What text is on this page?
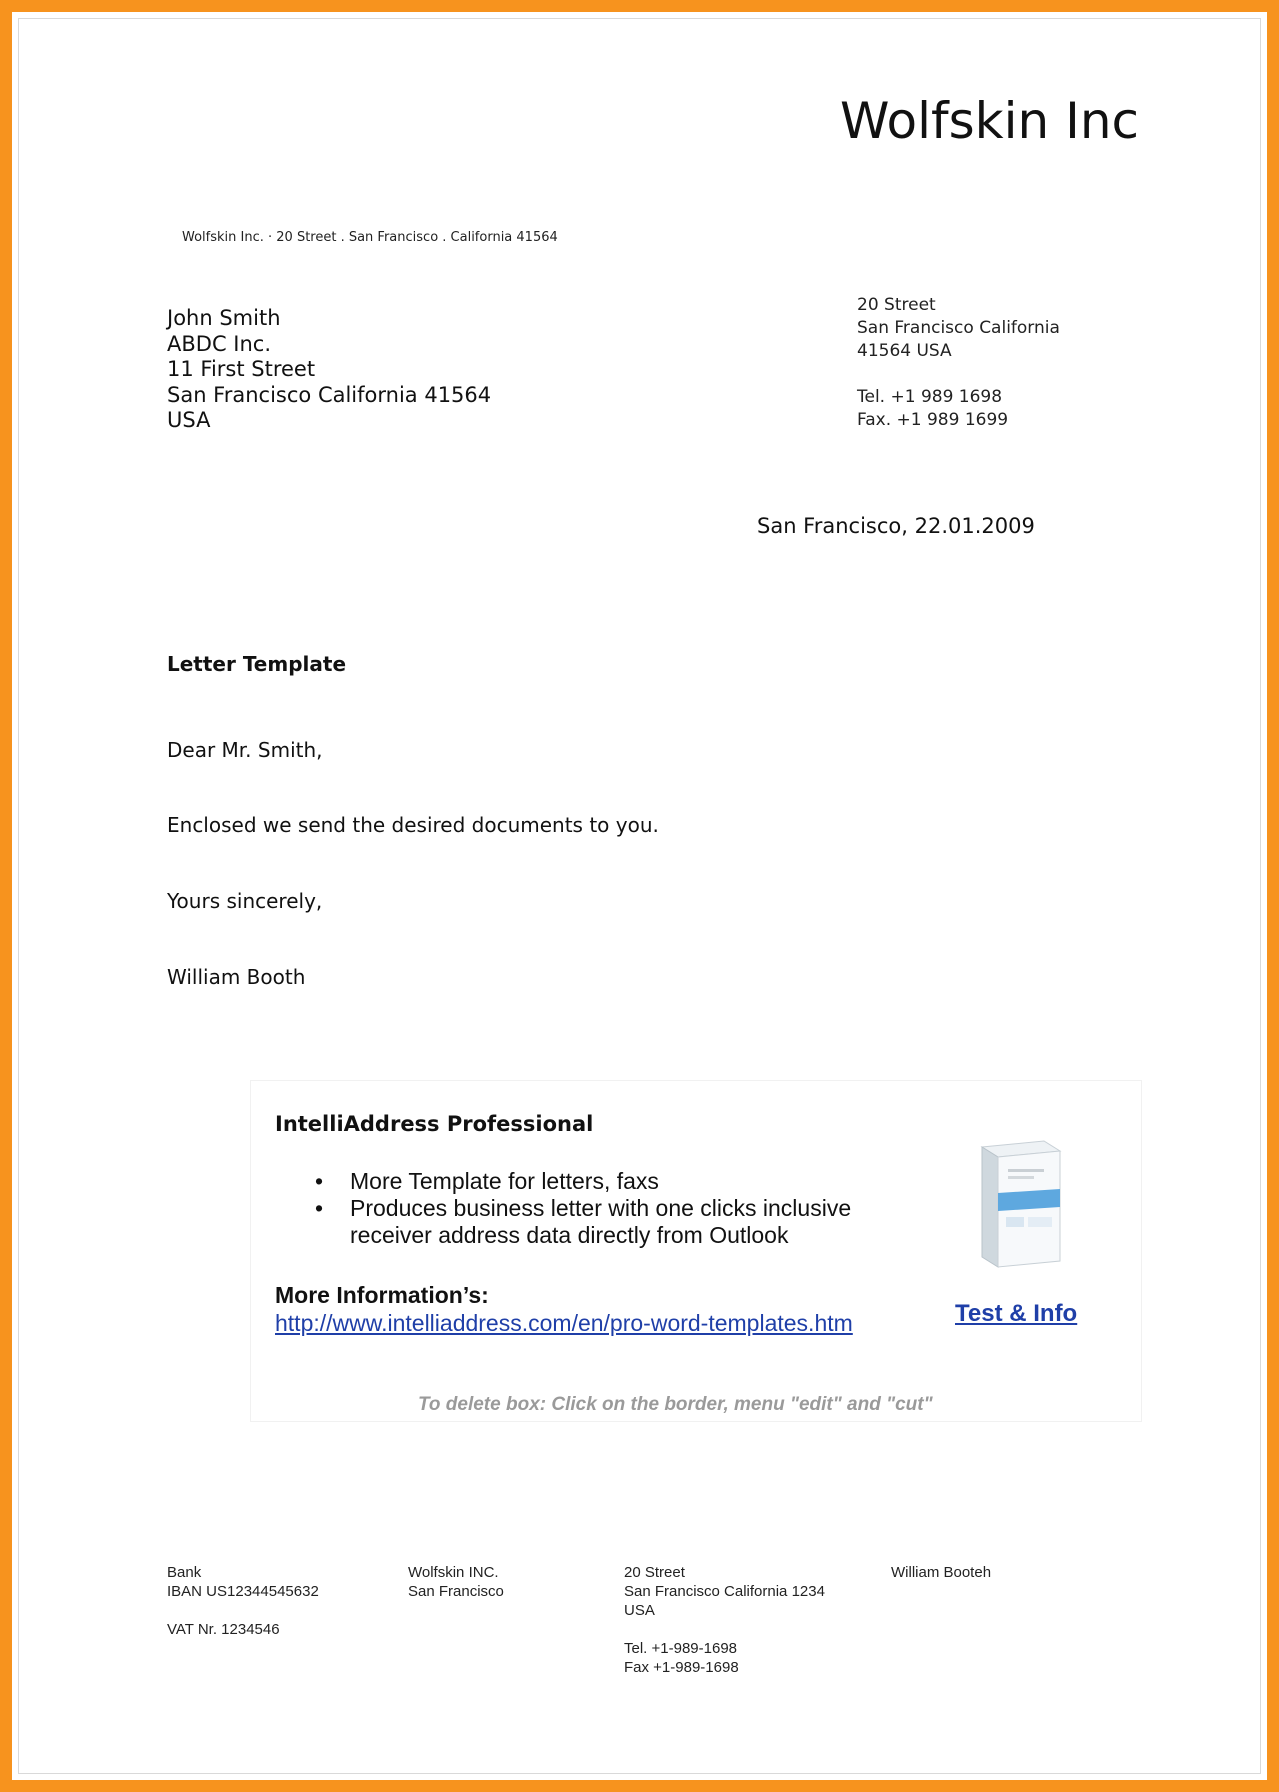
Wolfskin Inc
Wolfskin Inc. · 20 Street . San Francisco . California 41564
John Smith
ABDC Inc.
11 First Street
San Francisco California 41564
USA
20 Street
San Francisco California
41564 USA
Tel. +1 989 1698
Fax. +1 989 1699
San Francisco, 22.01.2009
Letter Template
Dear Mr. Smith,
Enclosed we send the desired documents to you.
Yours sincerely,
William Booth
IntelliAddress Professional
• More Template for letters, faxs
• Produces business letter with one clicks inclusive
receiver address data directly from Outlook
More Information’s:
http://www.intelliaddress.com/en/pro-word-templates.htm	Test & Info
To delete box: Click on the border, menu "edit" and "cut"
Bank
IBAN US12344545632
VAT Nr. 1234546
Wolfskin INC.
San Francisco
20 Street
San Francisco California 1234
USA
Tel. +1-989-1698
Fax +1-989-1698
William Booteh
